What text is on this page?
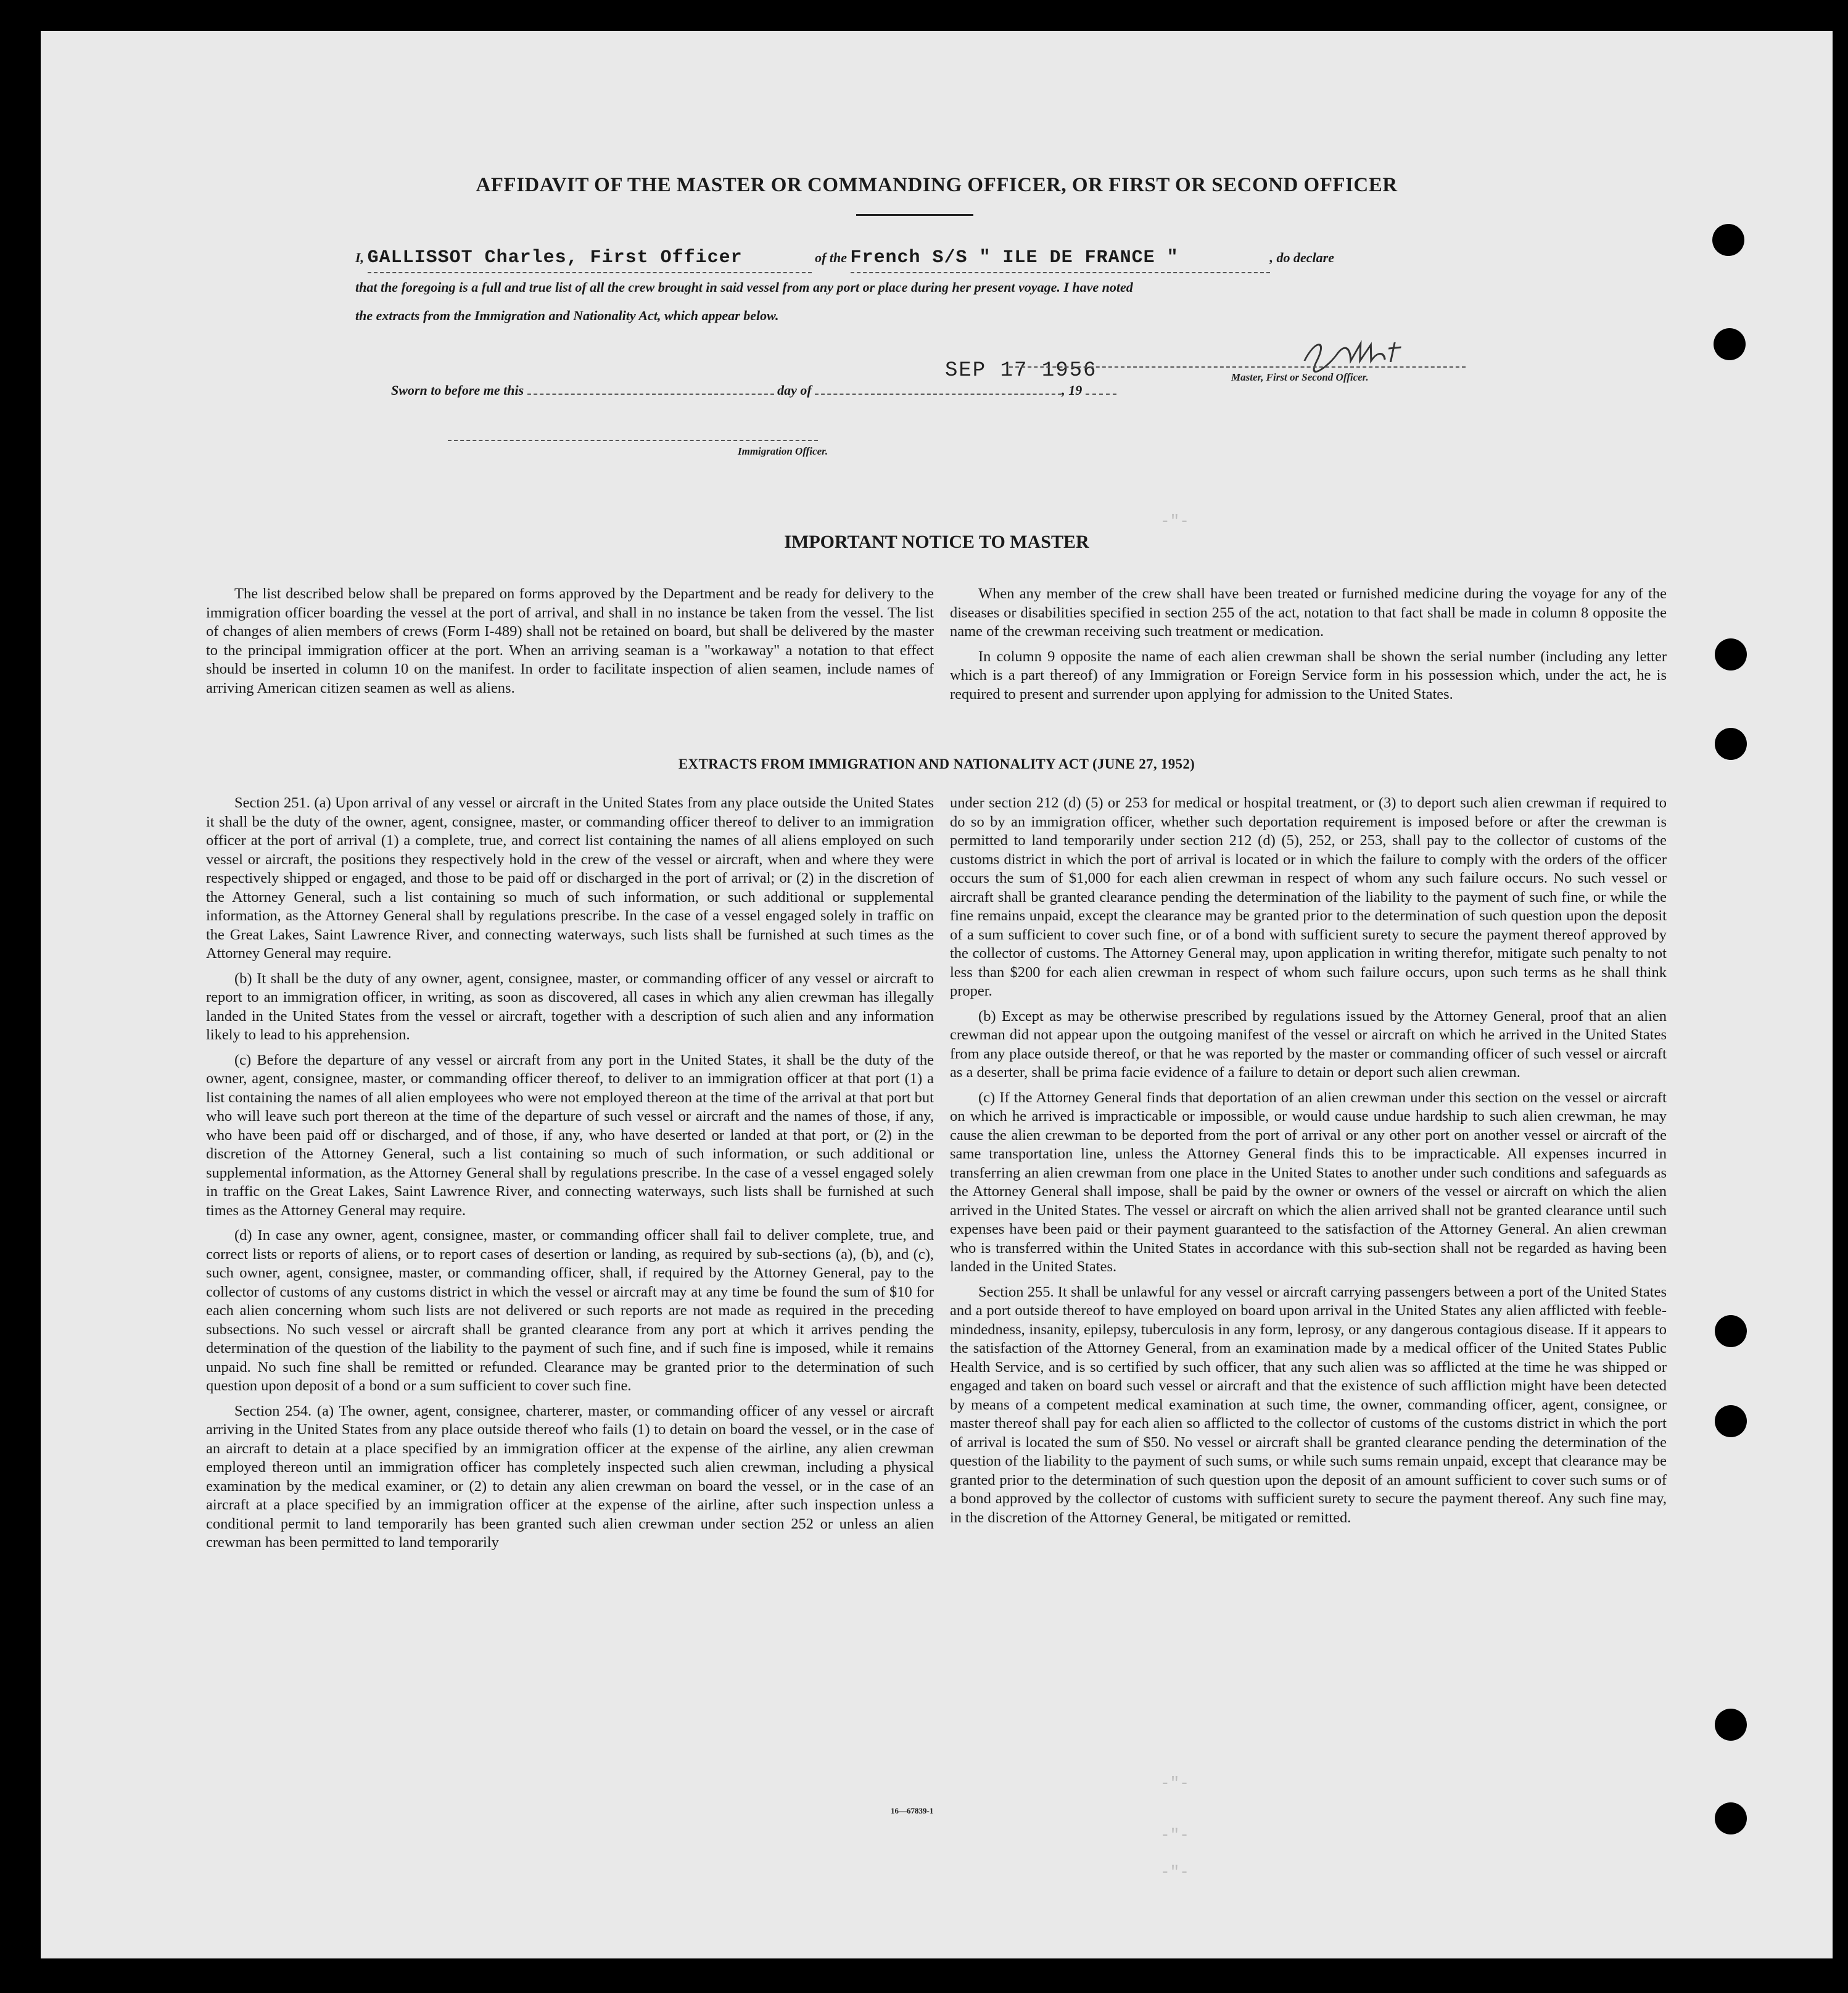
AFFIDAVIT OF THE MASTER OR COMMANDING OFFICER, OR FIRST OR SECOND OFFICER
I, GALLISSOT Charles, First Officer	of the French S/S " ILE DE FRANCE "	, do declare
that the foregoing is a full and true list of all the crew brought in said vessel from any port or place during her present voyage. I have noted
the extracts from the Immigration and Nationality Act, which appear below.
SEP 17 1956	Master, First or Second Officer.
Sworn to before me this	day of	, 19
Immigration Officer.
-"-
-"-
-"-
-"-
IMPORTANT NOTICE TO MASTER

The list described below shall be prepared on forms approved by the Department and be ready for delivery to the immigration officer boarding the vessel at the port of arrival, and shall in no instance be taken from the vessel. The list of changes of alien members of crews (Form I-489) shall not be retained on board, but shall be delivered by the master to the principal immigration officer at the port. When an arriving seaman is a "workaway" a notation to that effect should be inserted in column 10 on the manifest. In order to facilitate inspection of alien seamen, include names of arriving American citizen seamen as well as aliens.

When any member of the crew shall have been treated or furnished medicine during the voyage for any of the diseases or disabilities specified in section 255 of the act, notation to that fact shall be made in column 8 opposite the name of the crewman receiving such treatment or medication.

In column 9 opposite the name of each alien crewman shall be shown the serial number (including any letter which is a part thereof) of any Immigration or Foreign Service form in his possession which, under the act, he is required to present and surrender upon applying for admission to the United States.

EXTRACTS FROM IMMIGRATION AND NATIONALITY ACT (JUNE 27, 1952)

Section 251. (a) Upon arrival of any vessel or aircraft in the United States from any place outside the United States it shall be the duty of the owner, agent, consignee, master, or commanding officer thereof to deliver to an immigration officer at the port of arrival (1) a complete, true, and correct list containing the names of all aliens employed on such vessel or aircraft, the positions they respectively hold in the crew of the vessel or aircraft, when and where they were respectively shipped or engaged, and those to be paid off or discharged in the port of arrival; or (2) in the discretion of the Attorney General, such a list containing so much of such information, or such additional or supplemental information, as the Attorney General shall by regulations prescribe. In the case of a vessel engaged solely in traffic on the Great Lakes, Saint Lawrence River, and connecting waterways, such lists shall be furnished at such times as the Attorney General may require.

(b) It shall be the duty of any owner, agent, consignee, master, or commanding officer of any vessel or aircraft to report to an immigration officer, in writing, as soon as discovered, all cases in which any alien crewman has illegally landed in the United States from the vessel or aircraft, together with a description of such alien and any information likely to lead to his apprehension.

(c) Before the departure of any vessel or aircraft from any port in the United States, it shall be the duty of the owner, agent, consignee, master, or commanding officer thereof, to deliver to an immigration officer at that port (1) a list containing the names of all alien employees who were not employed thereon at the time of the arrival at that port but who will leave such port thereon at the time of the departure of such vessel or aircraft and the names of those, if any, who have been paid off or discharged, and of those, if any, who have deserted or landed at that port, or (2) in the discretion of the Attorney General, such a list containing so much of such information, or such additional or supplemental information, as the Attorney General shall by regulations prescribe. In the case of a vessel engaged solely in traffic on the Great Lakes, Saint Lawrence River, and connecting waterways, such lists shall be furnished at such times as the Attorney General may require.

(d) In case any owner, agent, consignee, master, or commanding officer shall fail to deliver complete, true, and correct lists or reports of aliens, or to report cases of desertion or landing, as required by sub-sections (a), (b), and (c), such owner, agent, consignee, master, or commanding officer, shall, if required by the Attorney General, pay to the collector of customs of any customs district in which the vessel or aircraft may at any time be found the sum of $10 for each alien concerning whom such lists are not delivered or such reports are not made as required in the preceding subsections. No such vessel or aircraft shall be granted clearance from any port at which it arrives pending the determination of the question of the liability to the payment of such fine, and if such fine is imposed, while it remains unpaid. No such fine shall be remitted or refunded. Clearance may be granted prior to the determination of such question upon deposit of a bond or a sum sufficient to cover such fine.

Section 254. (a) The owner, agent, consignee, charterer, master, or commanding officer of any vessel or aircraft arriving in the United States from any place outside thereof who fails (1) to detain on board the vessel, or in the case of an aircraft to detain at a place specified by an immigration officer at the expense of the airline, any alien crewman employed thereon until an immigration officer has completely inspected such alien crewman, including a physical examination by the medical examiner, or (2) to detain any alien crewman on board the vessel, or in the case of an aircraft at a place specified by an immigration officer at the expense of the airline, after such inspection unless a conditional permit to land temporarily has been granted such alien crewman under section 252 or unless an alien crewman has been permitted to land temporarily

under section 212 (d) (5) or 253 for medical or hospital treatment, or (3) to deport such alien crewman if required to do so by an immigration officer, whether such deportation requirement is imposed before or after the crewman is permitted to land temporarily under section 212 (d) (5), 252, or 253, shall pay to the collector of customs of the customs district in which the port of arrival is located or in which the failure to comply with the orders of the officer occurs the sum of $1,000 for each alien crewman in respect of whom any such failure occurs. No such vessel or aircraft shall be granted clearance pending the determination of the liability to the payment of such fine, or while the fine remains unpaid, except the clearance may be granted prior to the determination of such question upon the deposit of a sum sufficient to cover such fine, or of a bond with sufficient surety to secure the payment thereof approved by the collector of customs. The Attorney General may, upon application in writing therefor, mitigate such penalty to not less than $200 for each alien crewman in respect of whom such failure occurs, upon such terms as he shall think proper.

(b) Except as may be otherwise prescribed by regulations issued by the Attorney General, proof that an alien crewman did not appear upon the outgoing manifest of the vessel or aircraft on which he arrived in the United States from any place outside thereof, or that he was reported by the master or commanding officer of such vessel or aircraft as a deserter, shall be prima facie evidence of a failure to detain or deport such alien crewman.

(c) If the Attorney General finds that deportation of an alien crewman under this section on the vessel or aircraft on which he arrived is impracticable or impossible, or would cause undue hardship to such alien crewman, he may cause the alien crewman to be deported from the port of arrival or any other port on another vessel or aircraft of the same transportation line, unless the Attorney General finds this to be impracticable. All expenses incurred in transferring an alien crewman from one place in the United States to another under such conditions and safeguards as the Attorney General shall impose, shall be paid by the owner or owners of the vessel or aircraft on which the alien arrived in the United States. The vessel or aircraft on which the alien arrived shall not be granted clearance until such expenses have been paid or their payment guaranteed to the satisfaction of the Attorney General. An alien crewman who is transferred within the United States in accordance with this sub-section shall not be regarded as having been landed in the United States.

Section 255. It shall be unlawful for any vessel or aircraft carrying passengers between a port of the United States and a port outside thereof to have employed on board upon arrival in the United States any alien afflicted with feeble-mindedness, insanity, epilepsy, tuberculosis in any form, leprosy, or any dangerous contagious disease. If it appears to the satisfaction of the Attorney General, from an examination made by a medical officer of the United States Public Health Service, and is so certified by such officer, that any such alien was so afflicted at the time he was shipped or engaged and taken on board such vessel or aircraft and that the existence of such affliction might have been detected by means of a competent medical examination at such time, the owner, commanding officer, agent, consignee, or master thereof shall pay for each alien so afflicted to the collector of customs of the customs district in which the port of arrival is located the sum of $50. No vessel or aircraft shall be granted clearance pending the determination of the question of the liability to the payment of such sums, or while such sums remain unpaid, except that clearance may be granted prior to the determination of such question upon the deposit of an amount sufficient to cover such sums or of a bond approved by the collector of customs with sufficient surety to secure the payment thereof. Any such fine may, in the discretion of the Attorney General, be mitigated or remitted.

16—67839-1
